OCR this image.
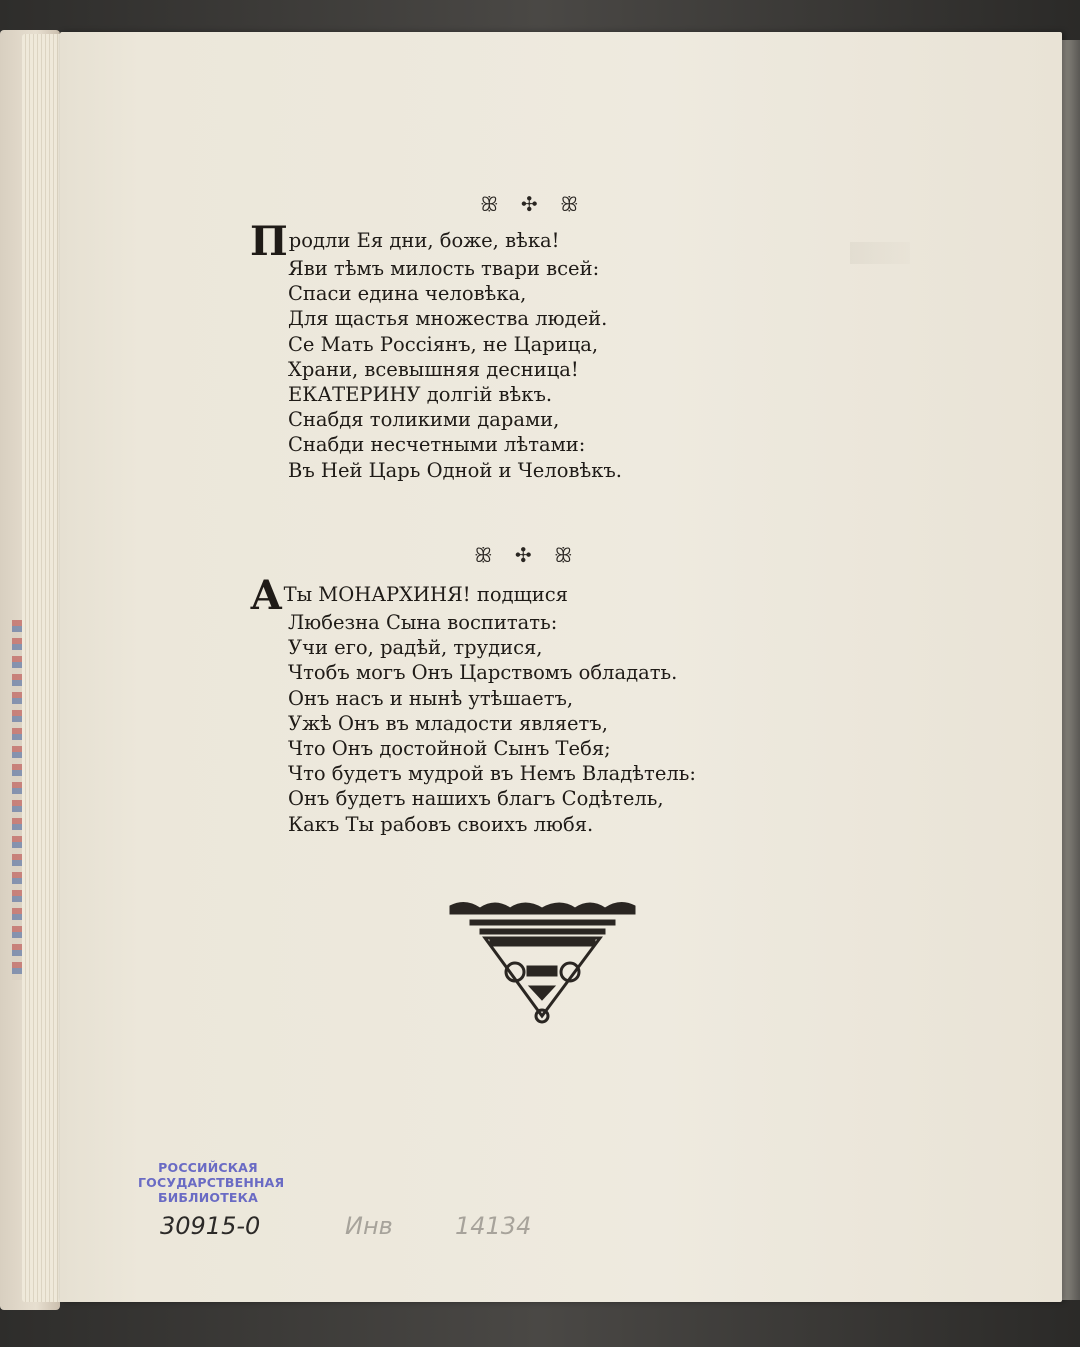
ꕥ ✣ ꕥ
Продли Ея дни, боже, вѣка!
Яви тѣмъ милость твари всей:
Спаси едина человѣка,
Для щастья множества людей.
Се Мать Россіянъ, не Царица,
Храни, всевышняя десница!
ЕКАТЕРИНУ долгій вѣкъ.
Снабдя толикими дарами,
Снабди несчетными лѣтами:
Въ Ней Царь Одной и Человѣкъ.
ꕥ ✣ ꕥ
АТы МОНАРХИНЯ! подщися
Любезна Сына воспитать:
Учи его, радѣй, трудися,
Чтобъ могъ Онъ Царствомъ обладать.
Онъ насъ и нынѣ утѣшаетъ,
Ужѣ Онъ въ младости являетъ,
Что Онъ достойной Сынъ Тебя;
Что будетъ мудрой въ Немъ Владѣтель:
Онъ будетъ нашихъ благъ Содѣтель,
Какъ Ты рабовъ своихъ любя.
РОССИЙСКАЯ
ГОСУДАРСТВЕННАЯ
БИБЛИОТЕКА
30915-0	Инв	14134
